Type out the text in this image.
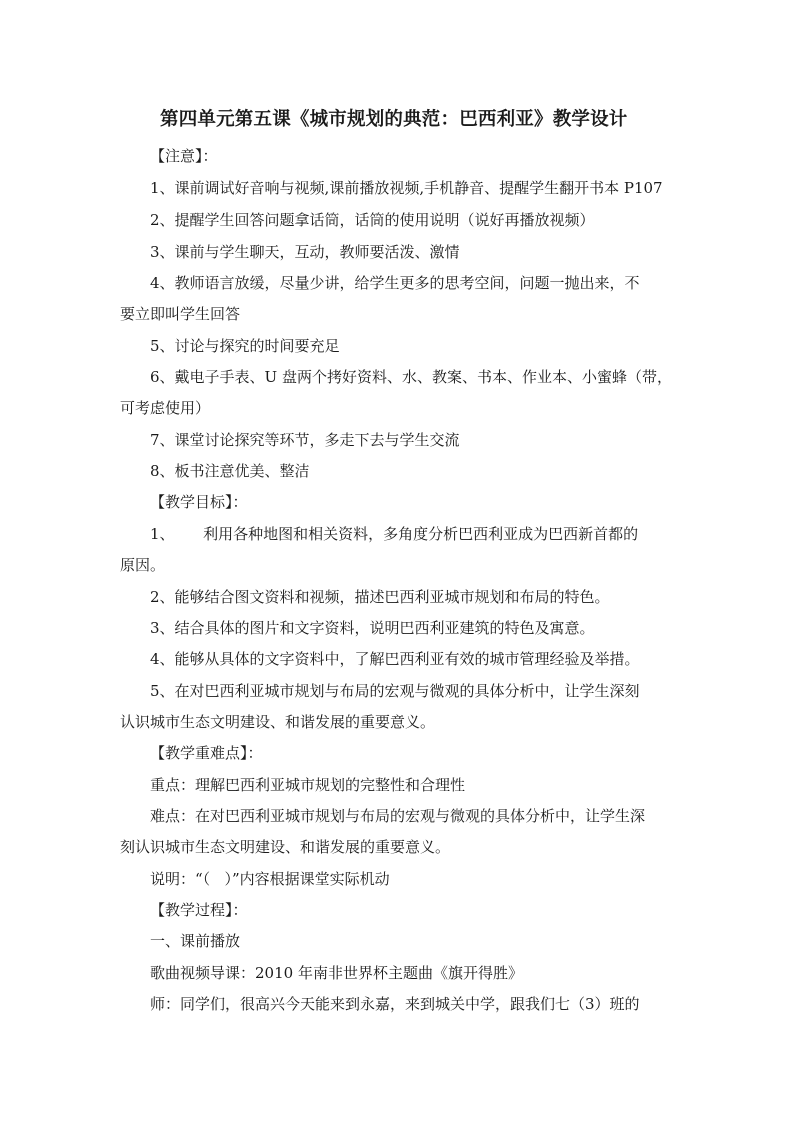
第四单元第五课《城市规划的典范：巴西利亚》教学设计
【注意】：
1、课前调试好音响与视频,课前播放视频,手机静音、提醒学生翻开书本 P107
2、提醒学生回答问题拿话筒，话筒的使用说明（说好再播放视频）
3、课前与学生聊天，互动，教师要活泼、激情
4、教师语言放缓，尽量少讲，给学生更多的思考空间，问题一抛出来，不
要立即叫学生回答
5、讨论与探究的时间要充足
6、戴电子手表、U 盘两个拷好资料、水、教案、书本、作业本、小蜜蜂（带，
可考虑使用）
7、课堂讨论探究等环节，多走下去与学生交流
8、板书注意优美、整洁
【教学目标】：
1、      利用各种地图和相关资料，多角度分析巴西利亚成为巴西新首都的
原因。
2、能够结合图文资料和视频，描述巴西利亚城市规划和布局的特色。
3、结合具体的图片和文字资料，说明巴西利亚建筑的特色及寓意。
4、能够从具体的文字资料中，了解巴西利亚有效的城市管理经验及举措。
5、在对巴西利亚城市规划与布局的宏观与微观的具体分析中，让学生深刻
认识城市生态文明建设、和谐发展的重要意义。
【教学重难点】：
重点：理解巴西利亚城市规划的完整性和合理性
难点：在对巴西利亚城市规划与布局的宏观与微观的具体分析中，让学生深
刻认识城市生态文明建设、和谐发展的重要意义。
说明：“（   ）”内容根据课堂实际机动
【教学过程】：
一、课前播放
歌曲视频导课：2010 年南非世界杯主题曲《旗开得胜》
师：同学们，很高兴今天能来到永嘉，来到城关中学，跟我们七（3）班的
